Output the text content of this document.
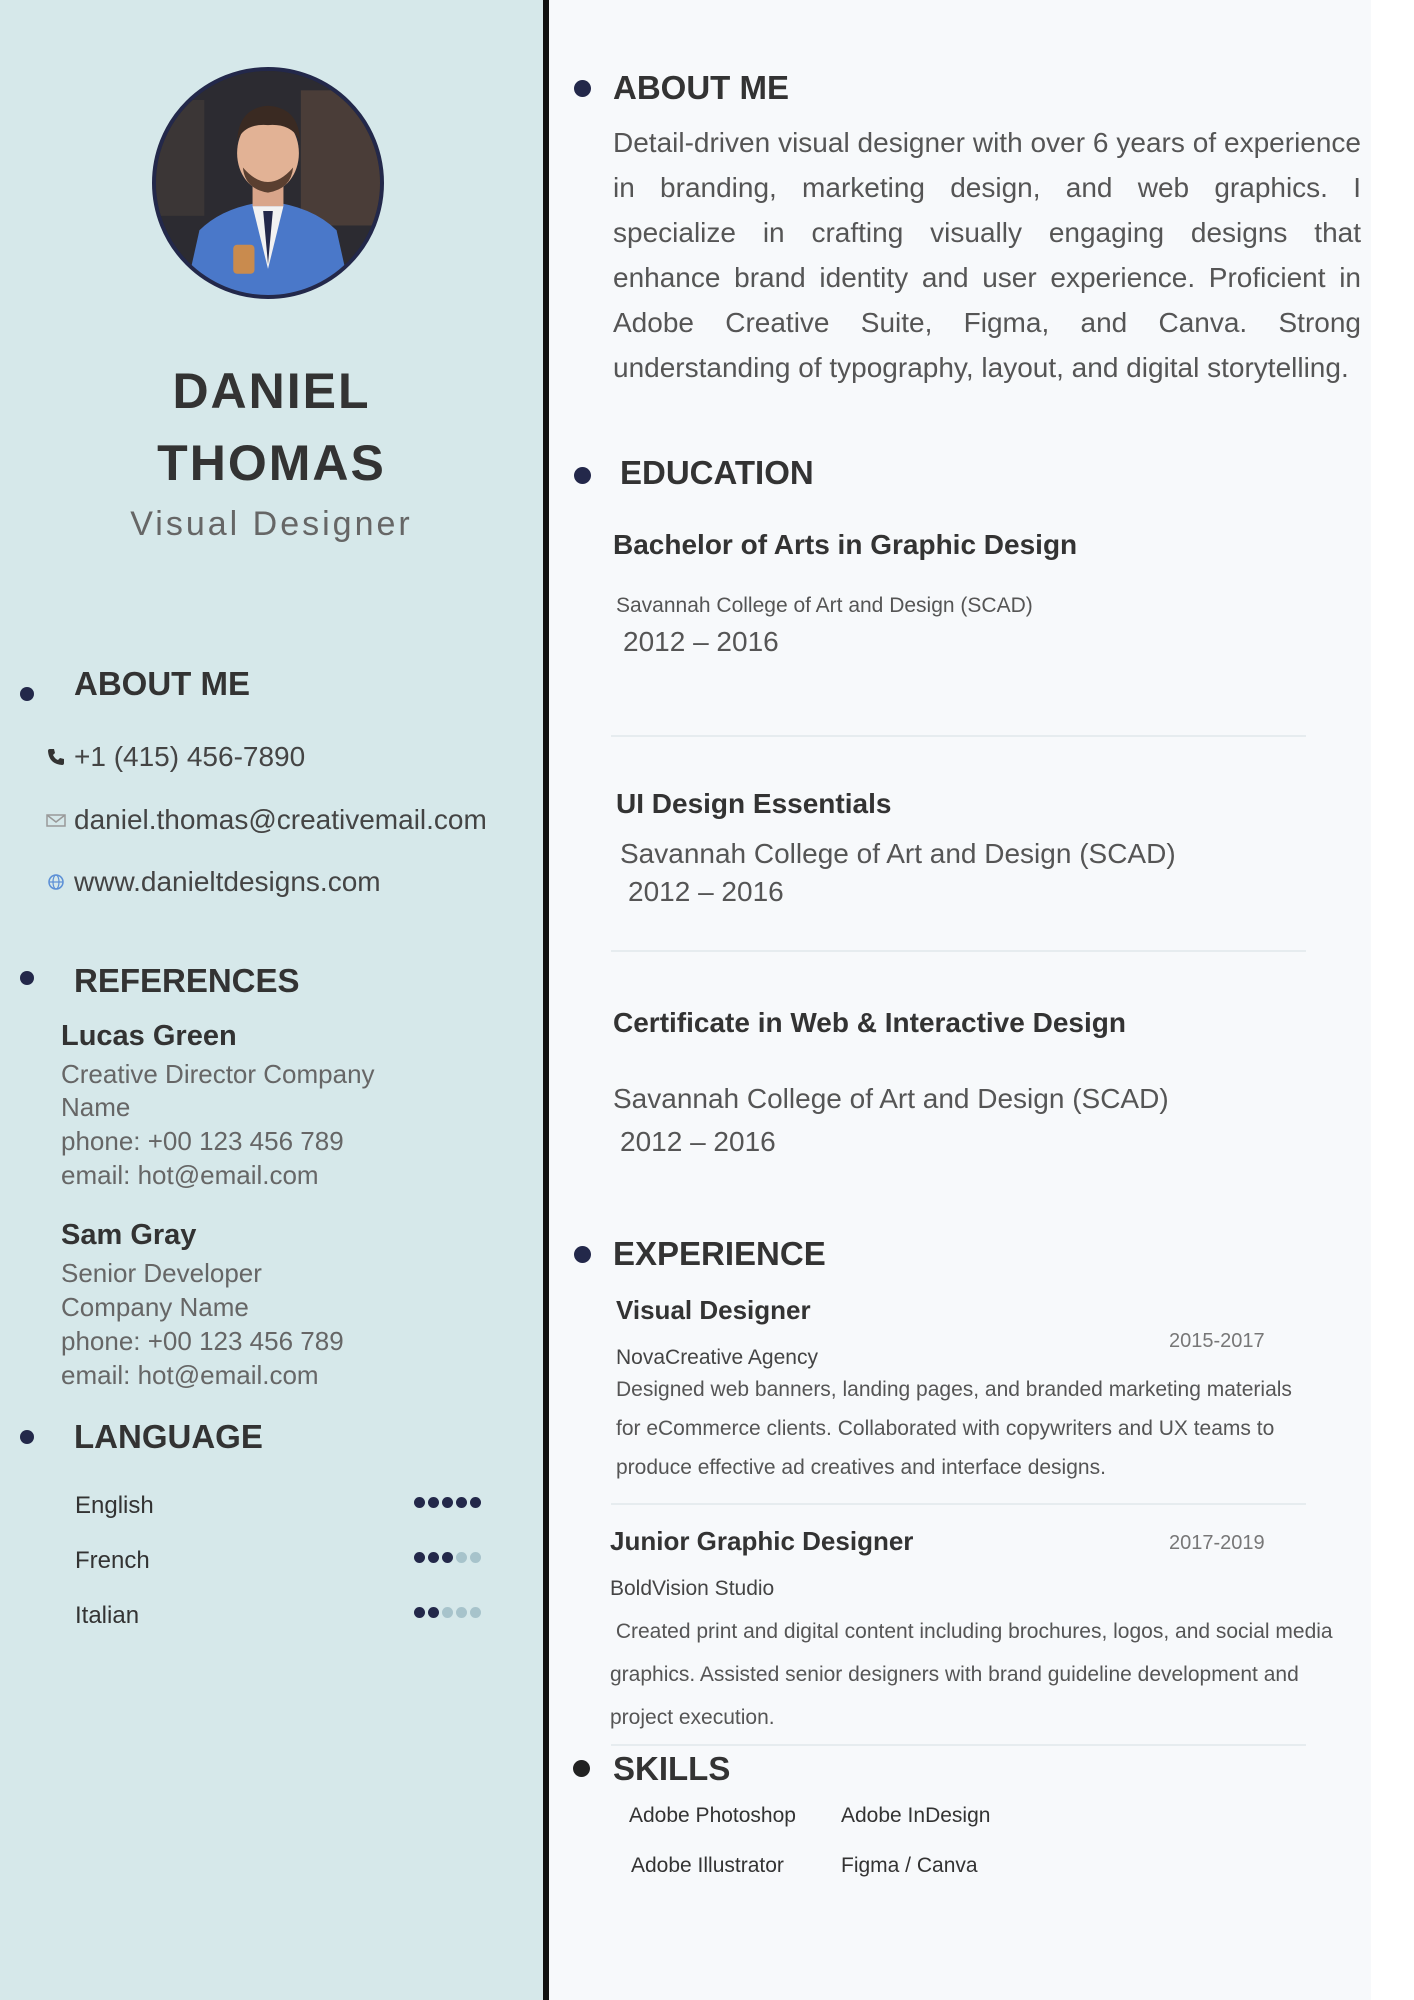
DANIEL
THOMAS
Visual Designer
ABOUT ME
+1 (415) 456-7890
daniel.thomas@creativemail.com
www.danieltdesigns.com
REFERENCES
Lucas Green
Creative Director Company
Name
phone: +00 123 456 789
email: hot@email.com
Sam Gray
Senior Developer
Company Name
phone: +00 123 456 789
email: hot@email.com
LANGUAGE
English
French
Italian
ABOUT ME
Detail-driven visual designer with over 6 years of experience in branding, marketing design, and web graphics. I specialize in crafting visually engaging designs that enhance brand identity and user experience. Proficient in Adobe Creative Suite, Figma, and Canva. Strong understanding of typography, layout, and digital storytelling.
EDUCATION
Bachelor of Arts in Graphic Design
Savannah College of Art and Design (SCAD)
2012 – 2016
UI Design Essentials
Savannah College of Art and Design (SCAD)
2012 – 2016
Certificate in Web & Interactive Design
Savannah College of Art and Design (SCAD)
2012 – 2016
EXPERIENCE
Visual Designer
2015-2017
NovaCreative Agency
Designed web banners, landing pages, and branded marketing materials
for eCommerce clients. Collaborated with copywriters and UX teams to
produce effective ad creatives and interface designs.
Junior Graphic Designer	2017-2019
BoldVision Studio
Created print and digital content including brochures, logos, and social media
graphics. Assisted senior designers with brand guideline development and
project execution.
SKILLS
Adobe Photoshop Adobe InDesign
Adobe Illustrator	Figma / Canva
